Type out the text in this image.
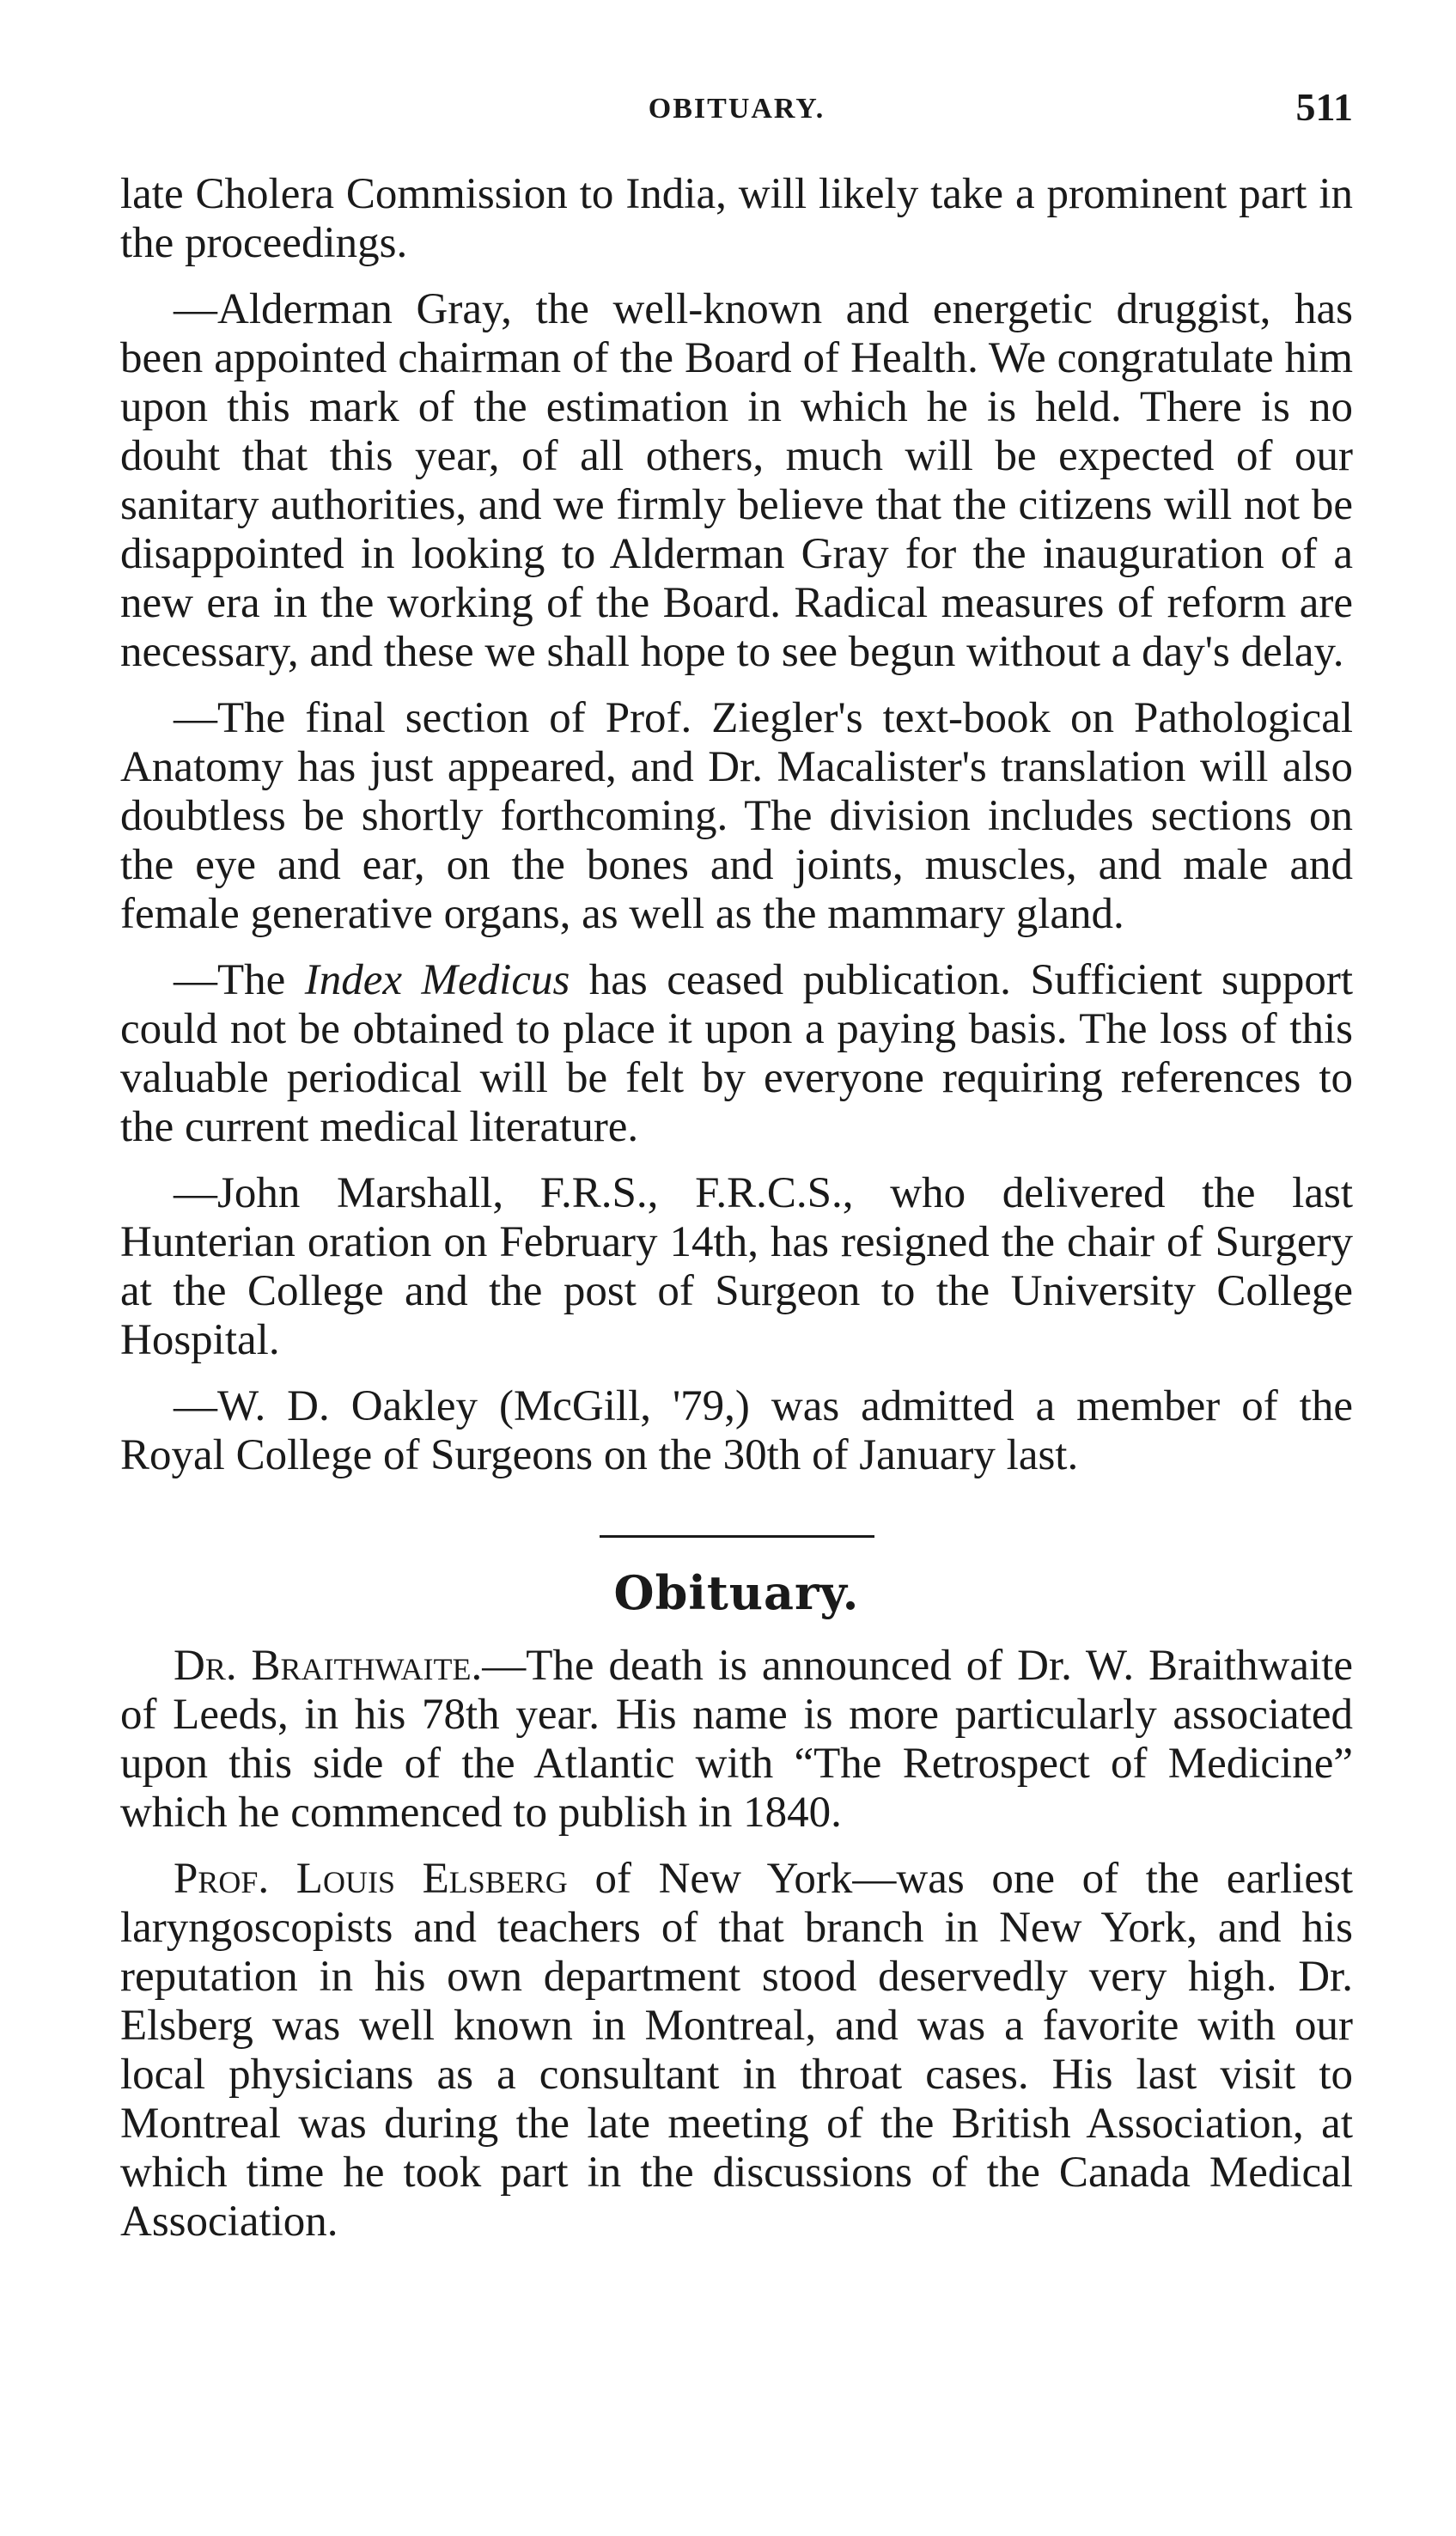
OBITUARY.	511

late Cholera Commission to India, will likely take a prominent part in the proceedings.

—Alderman Gray, the well-known and energetic druggist, has been appointed chairman of the Board of Health. We congratulate him upon this mark of the estimation in which he is held. There is no douht that this year, of all others, much will be expected of our sanitary authorities, and we firmly believe that the citizens will not be disappointed in looking to Alderman Gray for the inauguration of a new era in the working of the Board. Radical measures of reform are necessary, and these we shall hope to see begun without a day's delay.

—The final section of Prof. Ziegler's text-book on Pathological Anatomy has just appeared, and Dr. Macalister's translation will also doubtless be shortly forthcoming. The division includes sections on the eye and ear, on the bones and joints, muscles, and male and female generative organs, as well as the mammary gland.

—The Index Medicus has ceased publication. Sufficient support could not be obtained to place it upon a paying basis. The loss of this valuable periodical will be felt by everyone requiring references to the current medical literature.

—John Marshall, F.R.S., F.R.C.S., who delivered the last Hunterian oration on February 14th, has resigned the chair of Surgery at the College and the post of Surgeon to the University College Hospital.

—W. D. Oakley (McGill, '79,) was admitted a member of the Royal College of Surgeons on the 30th of January last.

Obituary.

Dr. Braithwaite.—The death is announced of Dr. W. Braithwaite of Leeds, in his 78th year. His name is more particularly associated upon this side of the Atlantic with “The Retrospect of Medicine” which he commenced to publish in 1840.

Prof. Louis Elsberg of New York—was one of the earliest laryngoscopists and teachers of that branch in New York, and his reputation in his own department stood deservedly very high. Dr. Elsberg was well known in Montreal, and was a favorite with our local physicians as a consultant in throat cases. His last visit to Montreal was during the late meeting of the British Association, at which time he took part in the discussions of the Canada Medical Association.
